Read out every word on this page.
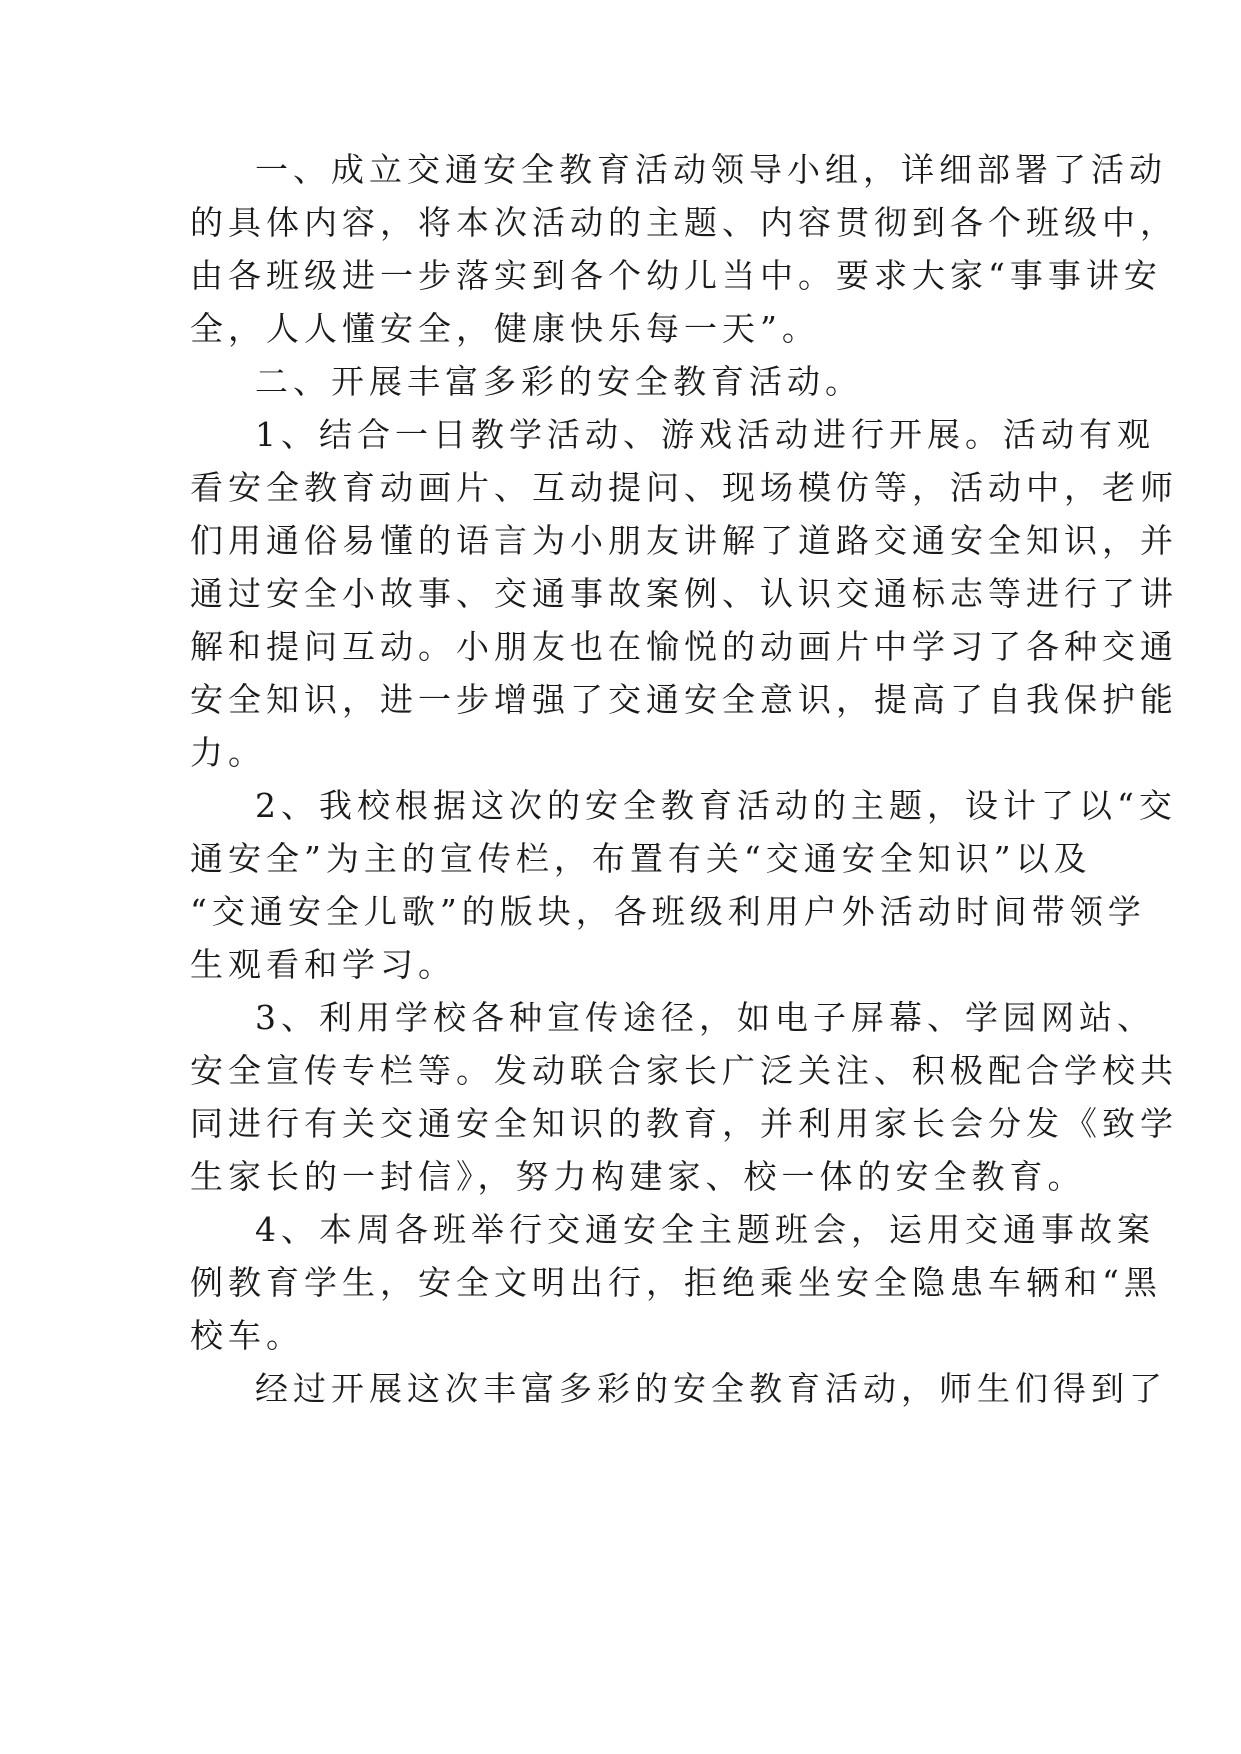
一、成立交通安全教育活动领导小组，详细部署了活动
的具体内容，将本次活动的主题、内容贯彻到各个班级中，
由各班级进一步落实到各个幼儿当中。要求大家“事事讲安
全，人人懂安全，健康快乐每一天”。
二、开展丰富多彩的安全教育活动。
1、结合一日教学活动、游戏活动进行开展。活动有观
看安全教育动画片、互动提问、现场模仿等，活动中，老师
们用通俗易懂的语言为小朋友讲解了道路交通安全知识，并
通过安全小故事、交通事故案例、认识交通标志等进行了讲
解和提问互动。小朋友也在愉悦的动画片中学习了各种交通
安全知识，进一步增强了交通安全意识，提高了自我保护能
力。
2、我校根据这次的安全教育活动的主题，设计了以“交
通安全”为主的宣传栏，布置有关“交通安全知识”以及
“交通安全儿歌”的版块，各班级利用户外活动时间带领学
生观看和学习。
3、利用学校各种宣传途径，如电子屏幕、学园网站、
安全宣传专栏等。发动联合家长广泛关注、积极配合学校共
同进行有关交通安全知识的教育，并利用家长会分发《致学
生家长的一封信》，努力构建家、校一体的安全教育。
4、本周各班举行交通安全主题班会，运用交通事故案
例教育学生，安全文明出行，拒绝乘坐安全隐患车辆和“黑
校车。
经过开展这次丰富多彩的安全教育活动，师生们得到了
